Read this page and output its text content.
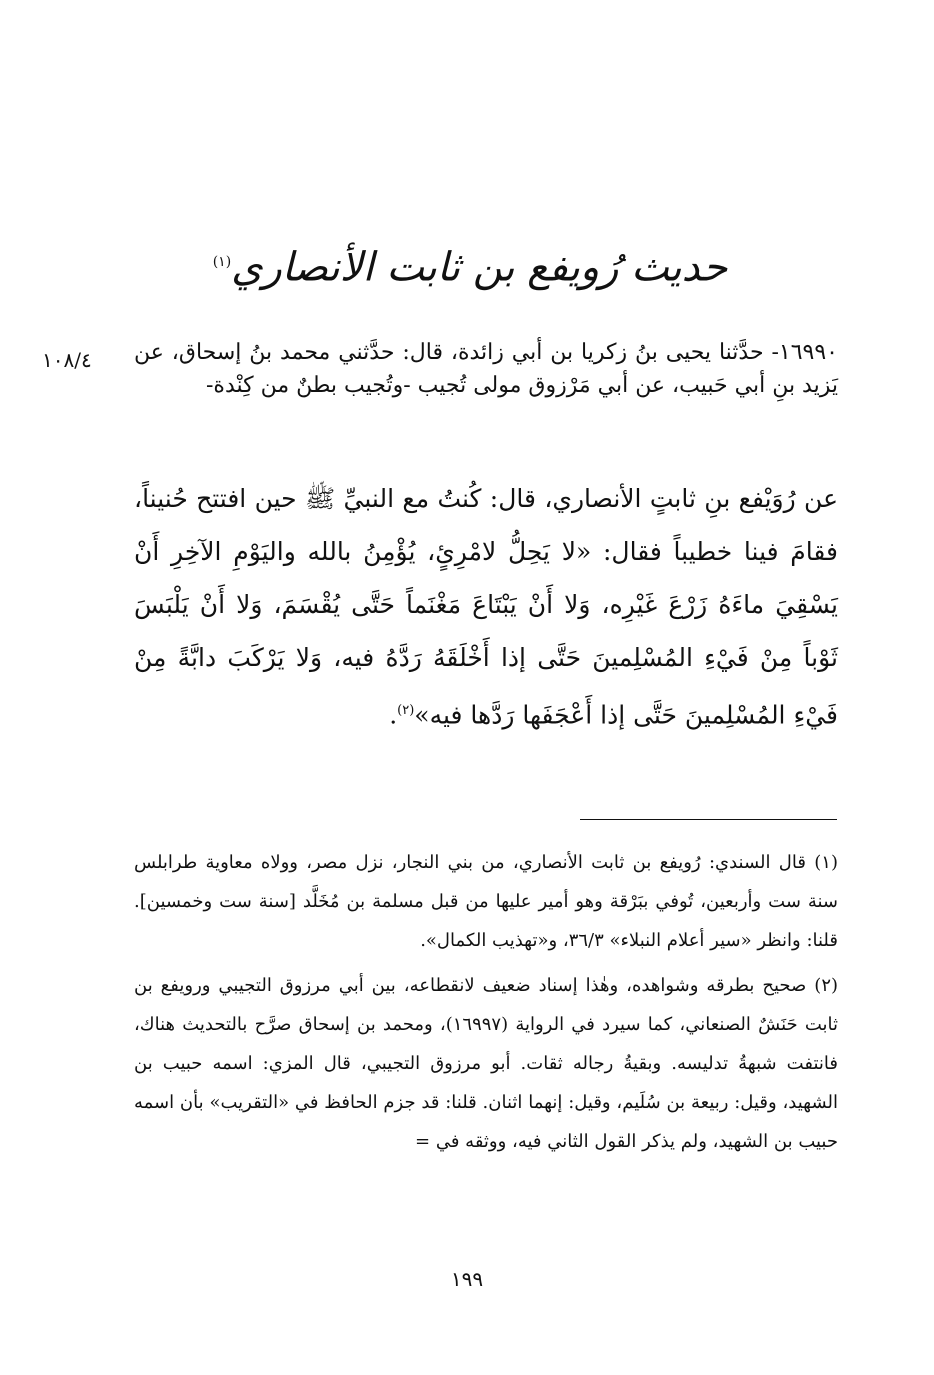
حديث رُويفع بن ثابت الأنصاري$^{(١)}$
١٠٨/٤	١٦٩٩٠- حدَّثنا يحيى بنُ زكريا بن أبي زائدة، قال: حدَّثني محمد بنُ إسحاق، عن يَزيد بنِ أبي حَبيب، عن أبي مَرْزوق مولى تُجيب -وتُجيب بطنٌ من كِنْدة-
عن رُوَيْفع بنِ ثابتٍ الأنصاري، قال: كُنتُ مع النبيِّ ﷺ حين افتتح حُنيناً، فقامَ فينا خطيباً فقال: «لا يَحِلُّ لامْرِئٍ، يُؤْمِنُ بالله واليَوْمِ الآخِرِ أَنْ يَسْقِيَ ماءَهُ زَرْعَ غَيْرِه، وَلا أَنْ يَبْتَاعَ مَغْنَماً حَتَّى يُقْسَمَ، وَلا أَنْ يَلْبَسَ ثَوْباً مِنْ فَيْءِ المُسْلِمينَ حَتَّى إذا أَخْلَقَهُ رَدَّهُ فيه، وَلا يَرْكَبَ دابَّةً مِنْ فَيْءِ المُسْلِمينَ حَتَّى إذا أَعْجَفَها رَدَّها فيه»$^{(٢)}$.

(١) قال السندي: رُويفع بن ثابت الأنصاري، من بني النجار، نزل مصر، وولاه معاوية طرابلس سنة ست وأربعين، تُوفي ببَرْقة وهو أمير عليها من قبل مسلمة بن مُخَلَّد [سنة ست وخمسين]. قلنا: وانظر «سير أعلام النبلاء» ٣٦/٣، و«تهذيب الكمال».

(٢) صحيح بطرقه وشواهده، وهٰذا إسناد ضعيف لانقطاعه، بين أبي مرزوق التجيبي ورويفع بن ثابت حَنَشٌ الصنعاني، كما سيرد في الرواية (١٦٩٩٧)، ومحمد بن إسحاق صرَّح بالتحديث هناك، فانتفت شبهةُ تدليسه. وبقيةُ رجاله ثقات. أبو مرزوق التجيبي، قال المزي: اسمه حبيب بن الشهيد، وقيل: ربيعة بن سُلَيم، وقيل: إنهما اثنان. قلنا: قد جزم الحافظ في «التقريب» بأن اسمه حبيب بن الشهيد، ولم يذكر القول الثاني فيه، ووثقه في =

١٩٩
